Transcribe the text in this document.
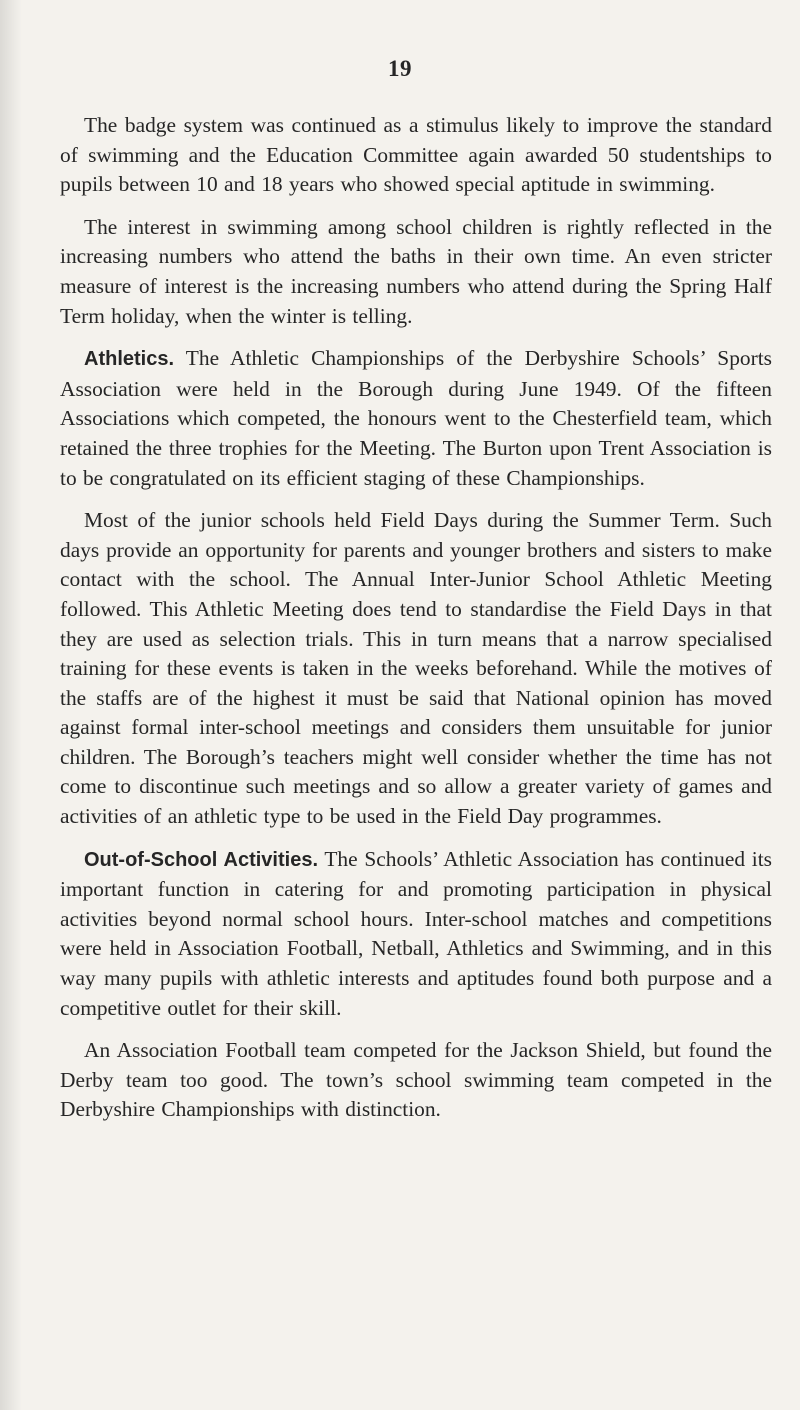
19

The badge system was continued as a stimulus likely to improve the standard of swimming and the Education Committee again awarded 50 studentships to pupils between 10 and 18 years who showed special aptitude in swimming.

The interest in swimming among school children is rightly reflected in the increasing numbers who attend the baths in their own time. An even stricter measure of interest is the increasing numbers who attend during the Spring Half Term holiday, when the winter is telling.

Athletics. The Athletic Championships of the Derbyshire Schools’ Sports Association were held in the Borough during June 1949. Of the fifteen Associations which competed, the honours went to the Chesterfield team, which retained the three trophies for the Meeting. The Burton upon Trent Association is to be congratulated on its efficient staging of these Championships.

Most of the junior schools held Field Days during the Summer Term. Such days provide an opportunity for parents and younger brothers and sisters to make contact with the school. The Annual Inter-Junior School Athletic Meeting followed. This Athletic Meeting does tend to standardise the Field Days in that they are used as selection trials. This in turn means that a narrow specialised training for these events is taken in the weeks beforehand. While the motives of the staffs are of the highest it must be said that National opinion has moved against formal inter-school meetings and considers them unsuitable for junior children. The Borough’s teachers might well consider whether the time has not come to discontinue such meetings and so allow a greater variety of games and activities of an athletic type to be used in the Field Day programmes.

Out-of-School Activities. The Schools’ Athletic Association has continued its important function in catering for and promoting participation in physical activities beyond normal school hours. Inter-school matches and competitions were held in Association Football, Netball, Athletics and Swimming, and in this way many pupils with athletic interests and aptitudes found both purpose and a competitive outlet for their skill.

An Association Football team competed for the Jackson Shield, but found the Derby team too good. The town’s school swimming team competed in the Derbyshire Championships with distinction.
